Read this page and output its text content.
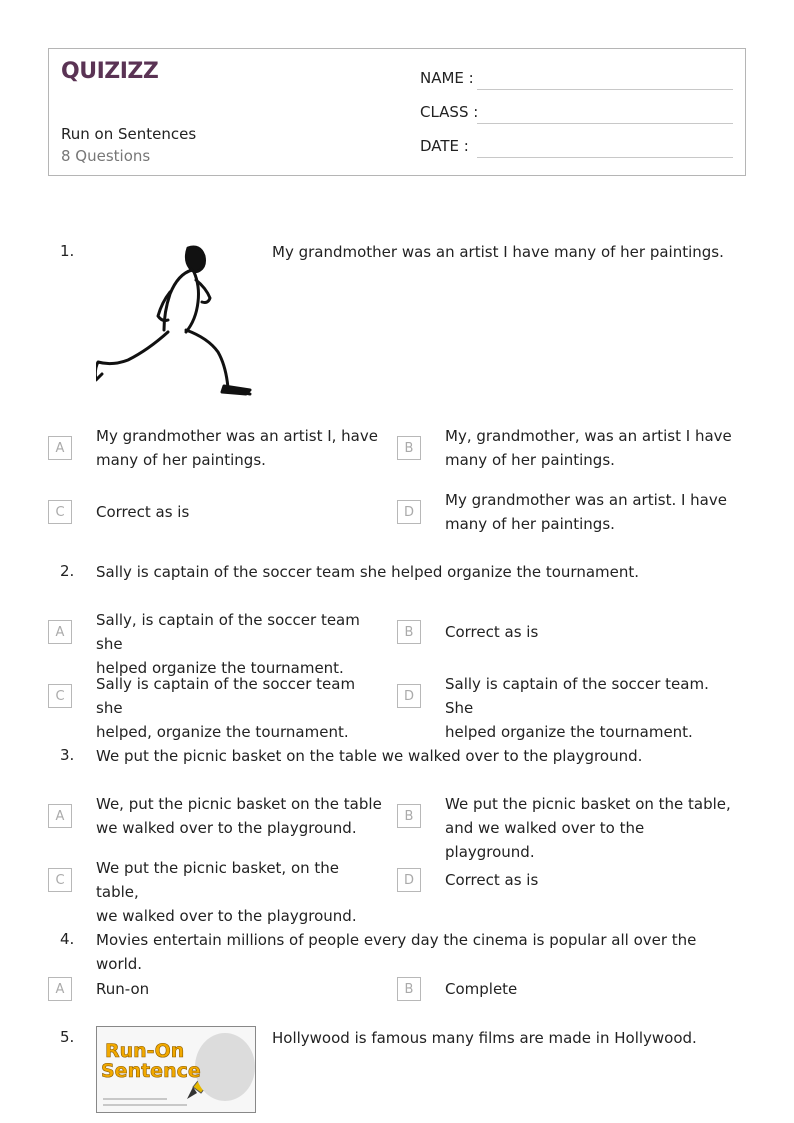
QUIZIZZ
Run on Sentences
8 Questions
NAME :
CLASS :
DATE :
1.	My grandmother was an artist I have many of her paintings.
A
My grandmother was an artist I, have
many of her paintings.
B
My, grandmother, was an artist I have
many of her paintings.
C	Correct as is	D
My grandmother was an artist. I have
many of her paintings.
2. Sally is captain of the soccer team she helped organize the tournament.
A
Sally, is captain of the soccer team she
helped organize the tournament.
B	Correct as is
C
Sally is captain of the soccer team she
helped, organize the tournament.
D
Sally is captain of the soccer team. She
helped organize the tournament.
3. We put the picnic basket on the table we walked over to the playground.
A
We, put the picnic basket on the table
we walked over to the playground.
B
We put the picnic basket on the table,
and we walked over to the playground.
C
We put the picnic basket, on the table,
we walked over to the playground.
D	Correct as is
4. Movies entertain millions of people every day the cinema is popular all over the world.
A	Run-on	B	Complete
5.
Run-On
Sentence
Hollywood is famous many films are made in Hollywood.
